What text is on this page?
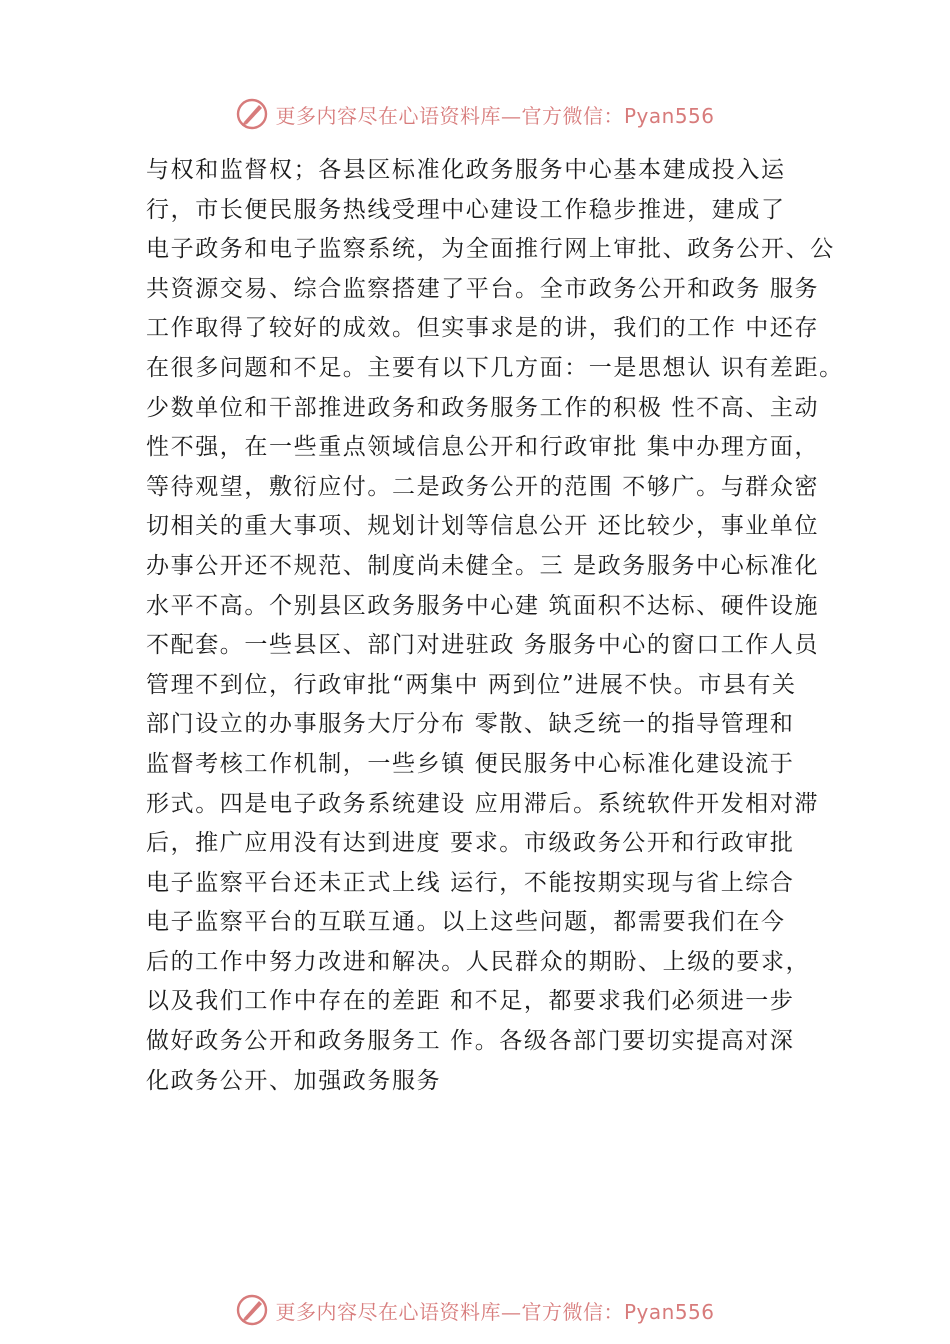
更多内容尽在心语资料库—官方微信：Pyan556
与权和监督权；各县区标准化政务服务中心基本建成投入运
行，市长便民服务热线受理中心建设工作稳步推进，建成了
电子政务和电子监察系统，为全面推行网上审批、政务公开、公
共资源交易、综合监察搭建了平台。全市政务公开和政务 服务
工作取得了较好的成效。但实事求是的讲，我们的工作 中还存
在很多问题和不足。主要有以下几方面：一是思想认 识有差距。
少数单位和干部推进政务和政务服务工作的积极 性不高、主动
性不强，在一些重点领域信息公开和行政审批 集中办理方面，
等待观望，敷衍应付。二是政务公开的范围 不够广。与群众密
切相关的重大事项、规划计划等信息公开 还比较少，事业单位
办事公开还不规范、制度尚未健全。三 是政务服务中心标准化
水平不高。个别县区政务服务中心建 筑面积不达标、硬件设施
不配套。一些县区、部门对进驻政 务服务中心的窗口工作人员
管理不到位，行政审批“两集中 两到位”进展不快。市县有关
部门设立的办事服务大厅分布 零散、缺乏统一的指导管理和
监督考核工作机制，一些乡镇 便民服务中心标准化建设流于
形式。四是电子政务系统建设 应用滞后。系统软件开发相对滞
后，推广应用没有达到进度 要求。市级政务公开和行政审批
电子监察平台还未正式上线 运行，不能按期实现与省上综合
电子监察平台的互联互通。以上这些问题，都需要我们在今
后的工作中努力改进和解决。人民群众的期盼、上级的要求，
以及我们工作中存在的差距 和不足，都要求我们必须进一步
做好政务公开和政务服务工 作。各级各部门要切实提高对深
化政务公开、加强政务服务
更多内容尽在心语资料库—官方微信：Pyan556
